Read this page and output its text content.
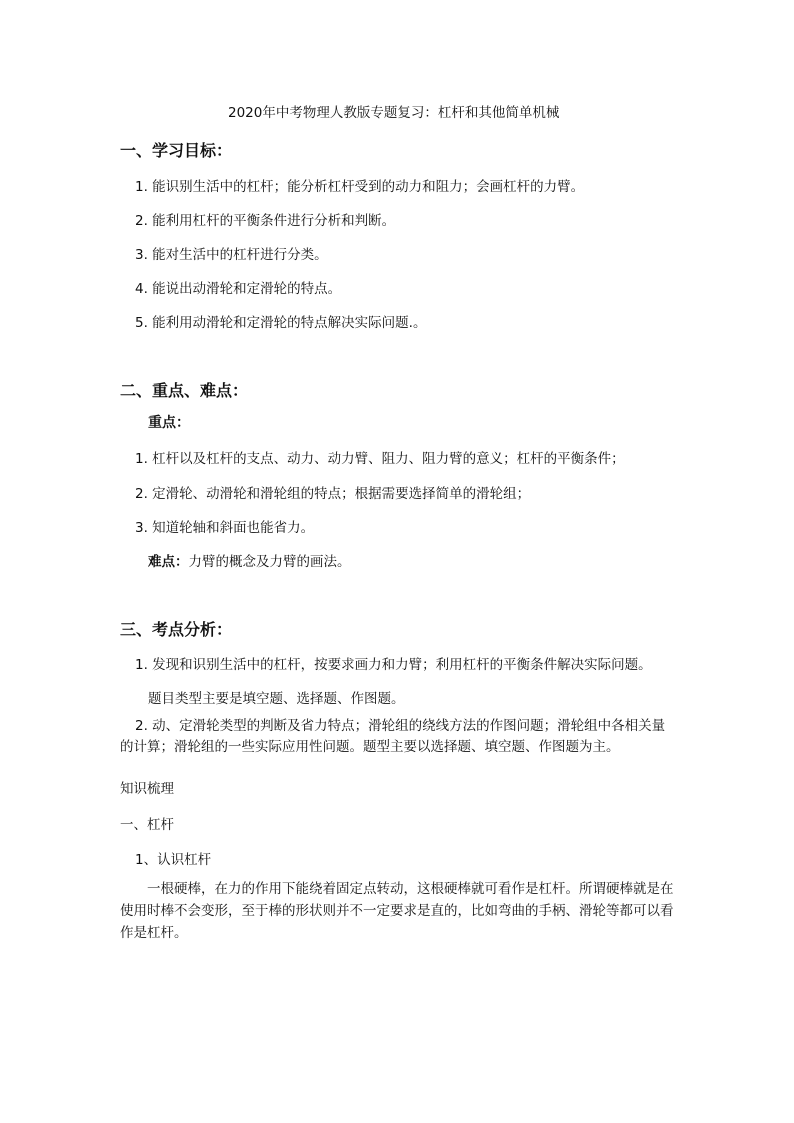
2020年中考物理人教版专题复习：杠杆和其他简单机械
一、学习目标：
1. 能识别生活中的杠杆；能分析杠杆受到的动力和阻力；会画杠杆的力臂。
2. 能利用杠杆的平衡条件进行分析和判断。
3. 能对生活中的杠杆进行分类。
4. 能说出动滑轮和定滑轮的特点。
5. 能利用动滑轮和定滑轮的特点解决实际问题.。
二、重点、难点：
重点：
1. 杠杆以及杠杆的支点、动力、动力臂、阻力、阻力臂的意义；杠杆的平衡条件；
2. 定滑轮、动滑轮和滑轮组的特点；根据需要选择简单的滑轮组；
3. 知道轮轴和斜面也能省力。
难点：力臂的概念及力臂的画法。
三、考点分析：
1. 发现和识别生活中的杠杆，按要求画力和力臂；利用杠杆的平衡条件解决实际问题。
题目类型主要是填空题、选择题、作图题。
2. 动、定滑轮类型的判断及省力特点；滑轮组的绕线方法的作图问题；滑轮组中各相关量的计算；滑轮组的一些实际应用性问题。题型主要以选择题、填空题、作图题为主。
知识梳理
一、杠杆
1、认识杠杆
一根硬棒，在力的作用下能绕着固定点转动，这根硬棒就可看作是杠杆。所谓硬棒就是在使用时棒不会变形，至于棒的形状则并不一定要求是直的，比如弯曲的手柄、滑轮等都可以看作是杠杆。
